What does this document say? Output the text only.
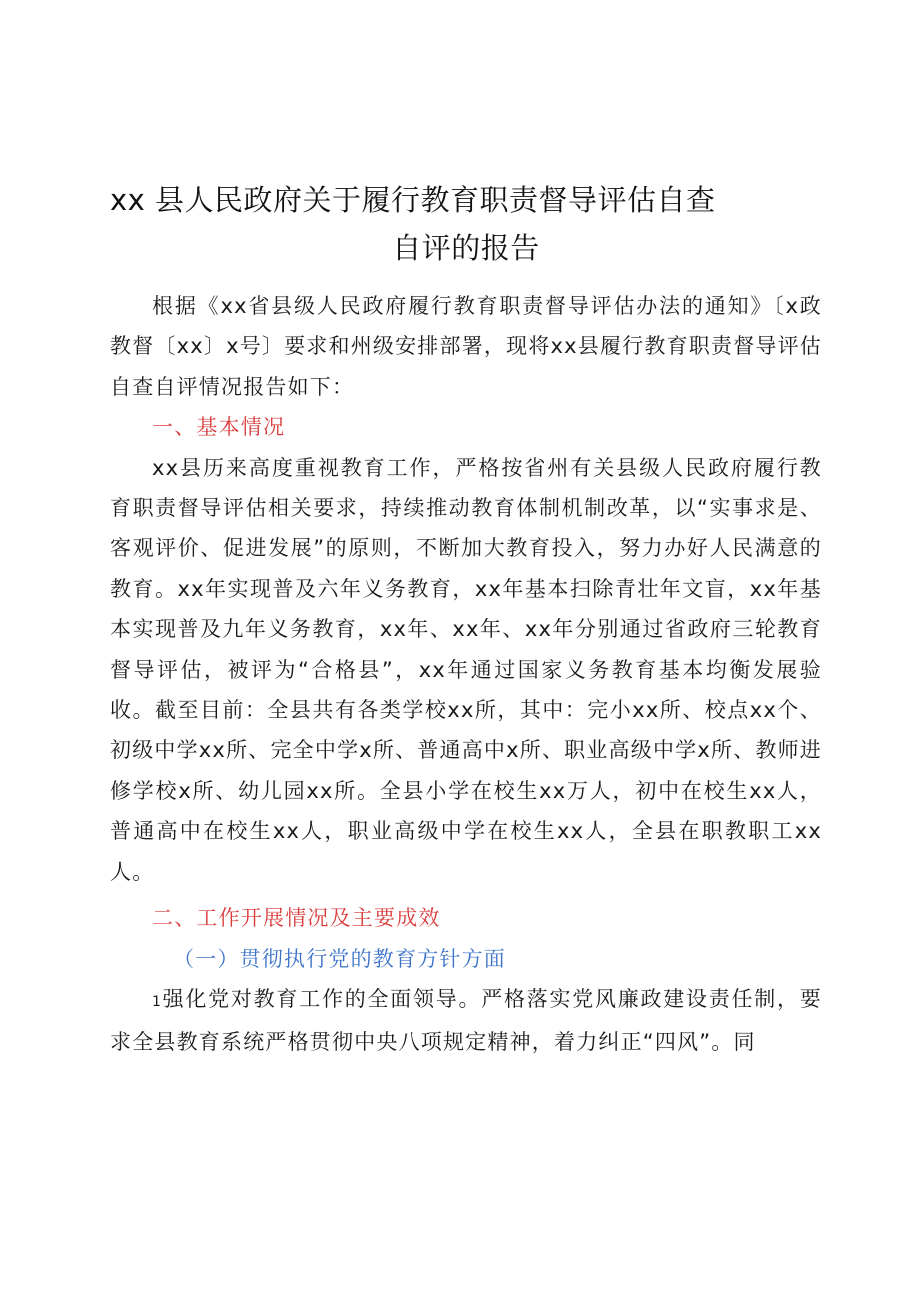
xx 县人民政府关于履行教育职责督导评估自查
自评的报告

根据《xx省县级人民政府履行教育职责督导评估办法的通知》〔x政教督〔xx〕x号〕要求和州级安排部署，现将xx县履行教育职责督导评估自查自评情况报告如下：

一、基本情况

xx县历来高度重视教育工作，严格按省州有关县级人民政府履行教育职责督导评估相关要求，持续推动教育体制机制改革，以“实事求是、客观评价、促进发展”的原则，不断加大教育投入，努力办好人民满意的教育。xx年实现普及六年义务教育，xx年基本扫除青壮年文盲，xx年基本实现普及九年义务教育，xx年、xx年、xx年分别通过省政府三轮教育督导评估，被评为“合格县”，xx年通过国家义务教育基本均衡发展验收。截至目前：全县共有各类学校xx所，其中：完小xx所、校点xx个、初级中学xx所、完全中学x所、普通高中x所、职业高级中学x所、教师进修学校x所、幼儿园xx所。全县小学在校生xx万人，初中在校生xx人，普通高中在校生xx人，职业高级中学在校生xx人，全县在职教职工xx人。

二、工作开展情况及主要成效

（一）贯彻执行党的教育方针方面

1强化党对教育工作的全面领导。严格落实党风廉政建设责任制，要求全县教育系统严格贯彻中央八项规定精神，着力纠正“四风”。同
